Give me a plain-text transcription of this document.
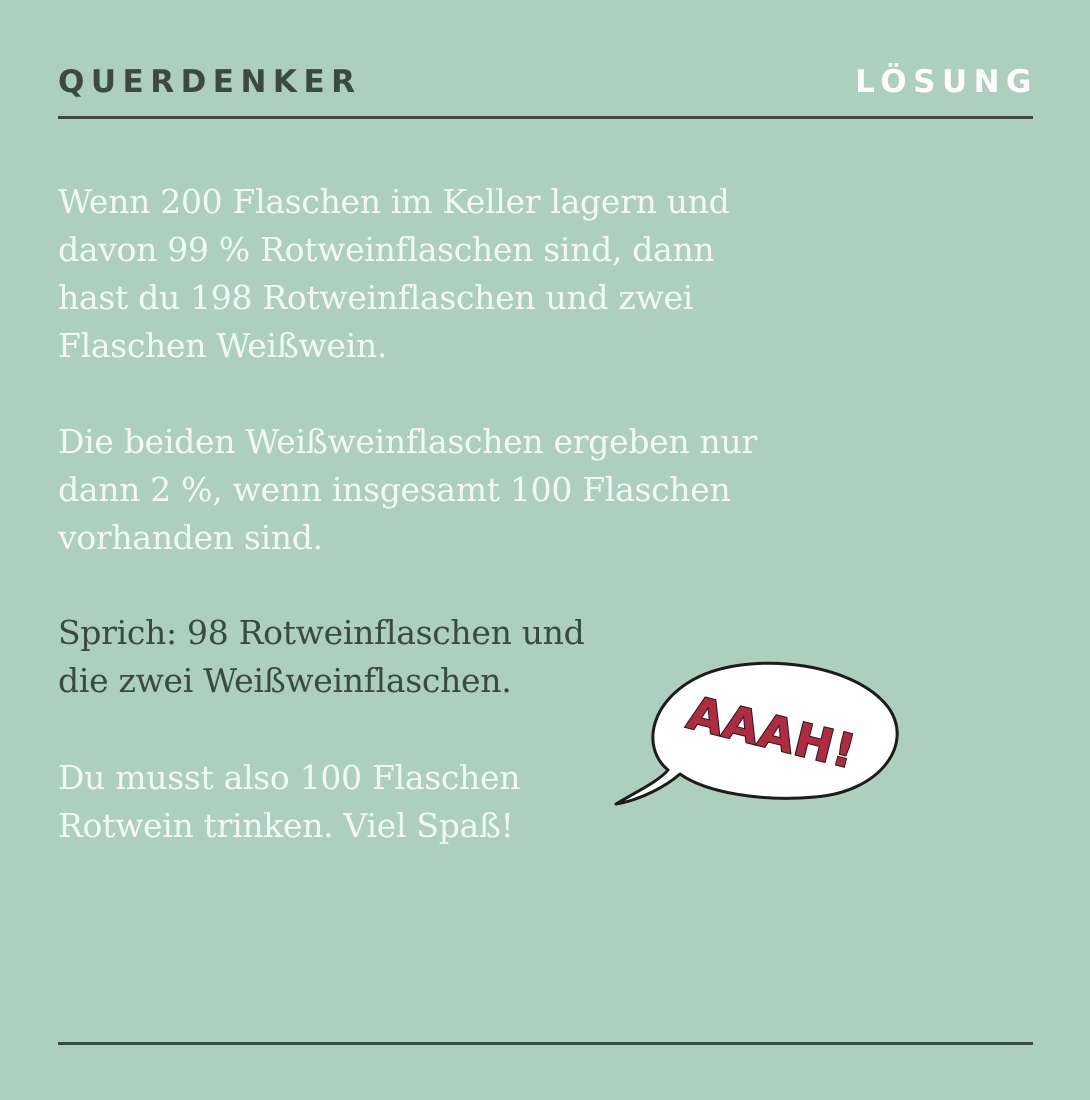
QUERDENKER	LÖSUNG

Wenn 200 Flaschen im Keller lagern und
davon 99 % Rotweinflaschen sind, dann
hast du 198 Rotweinflaschen und zwei
Flaschen Weißwein.

Die beiden Weißweinflaschen ergeben nur
dann 2 %, wenn insgesamt 100 Flaschen
vorhanden sind.

Sprich: 98 Rotweinflaschen und
die zwei Weißweinflaschen.

Du musst also 100 Flaschen
Rotwein trinken. Viel Spaß!

AAAH!
